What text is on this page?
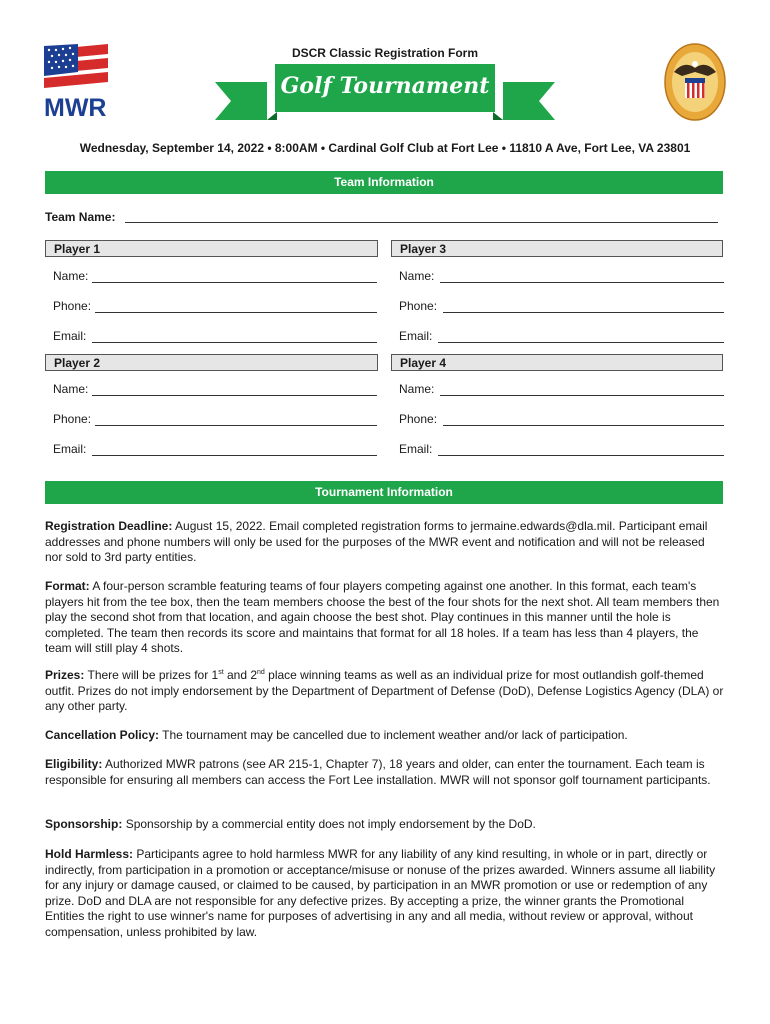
MWR
DSCR Classic Registration Form
Golf Tournament
Wednesday, September 14, 2022 • 8:00AM • Cardinal Golf Club at Fort Lee • 11810 A Ave, Fort Lee, VA 23801
Team Information
Team Name:
Player 1
Name:
Phone:
Email:
Player 3
Name:
Phone:
Email:
Player 2
Name:
Phone:
Email:
Player 4
Name:
Phone:
Email:
Tournament Information
Registration Deadline: August 15, 2022. Email completed registration forms to jermaine.edwards@dla.mil. Participant email addresses and phone numbers will only be used for the purposes of the MWR event and notification and will not be released nor sold to 3rd party entities.
Format: A four-person scramble featuring teams of four players competing against one another. In this format, each team's players hit from the tee box, then the team members choose the best of the four shots for the next shot. All team members then play the second shot from that location, and again choose the best shot. Play continues in this manner until the hole is completed. The team then records its score and maintains that format for all 18 holes. If a team has less than 4 players, the team will still play 4 shots.
Prizes: There will be prizes for 1st and 2nd place winning teams as well as an individual prize for most outlandish golf-themed outfit. Prizes do not imply endorsement by the Department of Department of Defense (DoD), Defense Logistics Agency (DLA) or any other party.
Cancellation Policy: The tournament may be cancelled due to inclement weather and/or lack of participation.
Eligibility: Authorized MWR patrons (see AR 215-1, Chapter 7), 18 years and older, can enter the tournament. Each team is responsible for ensuring all members can access the Fort Lee installation. MWR will not sponsor golf tournament participants.
Sponsorship: Sponsorship by a commercial entity does not imply endorsement by the DoD.
Hold Harmless: Participants agree to hold harmless MWR for any liability of any kind resulting, in whole or in part, directly or indirectly, from participation in a promotion or acceptance/misuse or nonuse of the prizes awarded. Winners assume all liability for any injury or damage caused, or claimed to be caused, by participation in an MWR promotion or use or redemption of any prize. DoD and DLA are not responsible for any defective prizes. By accepting a prize, the winner grants the Promotional Entities the right to use winner's name for purposes of advertising in any and all media, without review or approval, without compensation, unless prohibited by law.
